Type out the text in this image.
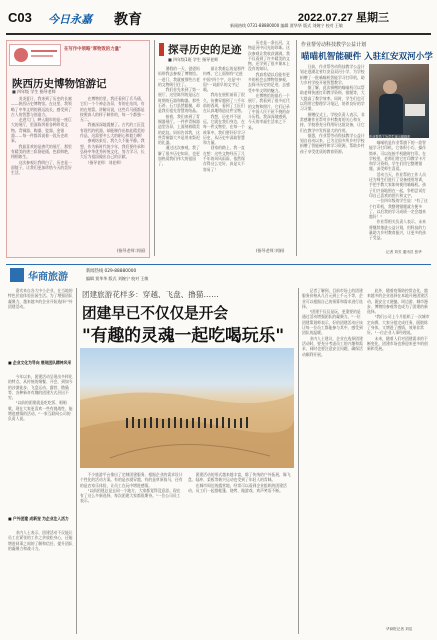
C03 今日永嘉 教育	2022.07.27 星期三
新闻热线 0731-88880000 编辑 贾华华 版式 刘婉宁 校对 王敏
在写作中领略"厚物致的力量"
陕西历史博物馆游记
■ 四年级 学生 指导老师
　　炎炎夏日，我来到了历史的长廊——陕西历史博物馆。在这里，我领略了中华文明的源远流长，感受到了古人的智慧与创造力。
　　走进大门，映入眼帘的是一座巨大的展厅，里面陈列着各种珍贵文物。青铜器、陶器、瓷器、金银器……每一件都诉说着一段历史故事。
　　我最喜欢的是唐代的展厅，那里有精美的唐三彩骆驼俑，色彩鲜艳，栩栩如生。
　　这次参观让我明白了，历史是一面镜子，让我们更加珍惜今天的美好生活。
　　在博物馆里，我还看到了兵马俑，它们一个个神态各异，有的在站岗，有的在射箭。讲解员说，这些兵马俑都是按照真人的样子制作的，每一个都独一无二。
　　我被深深地震撼了。古代的工匠没有现代的机器，却能制作出如此精美的作品，这需要多么大的耐心和毅力啊！
　　参观结束后，我久久不能平静。我想，作为新时代的少年，我们要传承和弘扬中华优秀传统文化，努力学习，长大后为祖国做出自己的贡献。
　　（指导老师：刘老师）
(指导老师:刘丽)
探寻历史的足迹
■ 四年级1班 学生 指导老师
　　暑假的一天，爸爸妈妈带我去参观了博物馆。一进门，我就被那些古老的文物吸引住了。
　　我们首先来到了第一展厅，这里陈列的是远古时期的石器和陶器。那些石斧、石刀虽然粗糙，却是我们祖先智慧的结晶。
　　接着，我们来到了青铜器展厅。一件件青铜器造型各异，上面刻着精美的花纹。妈妈告诉我，这些青铜器大多是用来祭祀的礼器。
　　通过这次参观，我了解了很多历史知识，也更加热爱我们伟大的祖国了。
　　最让我难忘的是那件何尊，它上面刻有"宅兹中国"四个字，这是"中国"一词最早的文字记载。
　　我站在展柜前看了很久，仿佛穿越到了三千年前的西周，看到了工匠们在认真地铸造这件宝物。
　　我想，历史并不遥远，它就在我们身边，在每一件文物里，在每一个故事中。我们要好好学习历史，从历史中汲取智慧和力量。
　　回家的路上，我一直在想：这些文物经历了几千年的风风雨雨，依然保存得这么完好，真是太不容易了！
　　历史是一条长河，文物是河中闪光的珍珠。这次参观让我收获满满。我不仅看到了许多精美的文物，还学到了很多课本上没有的知识。
　　我真希望以后能有更多的机会去博物馆参观，去探寻历史的足迹，去感受中华文明的魅力。
　　在博物馆的最后一个展厅，我看到了很多近代的文物和照片，它们记录了中国人民不屈不挠的奋斗历程。我深深地感到，今天的幸福生活来之不易。
(指导老师:刘娟)
作业帮劳动科技教学公益计划
喵喵机智能硬件 入驻红安双河小学
　　日前，作业帮劳动科技教学公益计划走进湖北省红安县双河小学，为学校捐赠了一批喵喵机智能学习打印机，助力乡村学校开展智慧教学。
　　据了解，此次捐赠的喵喵机可以帮助老师快速打印教学资料、错题等，大大提高了教学效率。同时，学生们也可以利用它整理学习笔记，培养良好的学习习惯。
　　捐赠仪式上，学校负责人表示，非常感谢作业帮对乡村教育的关心和支持，学校将充分利用好这批设备，让它们在教学中发挥最大的作用。
　　据悉，作业帮劳动科技教学公益计划自启动以来，已为全国多所乡村学校捐赠了智能硬件和学习资源，帮助乡村孩子享受优质的教育资源。
　　喵喵机是作业帮旗下的一款智能学习打印机，它体积小巧、操作简单，可以连接手机随时打印。在学校里，老师们用它打印教学卡片和学习资料，学生们用它整理错题，深受师生喜爱。
　　活动当天，作业帮的工作人员还为师生们进行了设备使用培训，手把手教大家如何使用喵喵机。孩子们兴奋地围在一起，争相尝试打印自己喜欢的图片和文字。
　　一位四年级的学生说："有了这个打印机，我整理错题就方便多了，以后我的学习成绩一定会越来越好！"
　　作业帮相关负责人表示，未来将继续推进公益计划，用科技的力量助力乡村教育振兴，让更多的孩子受益。
记者 刘芳 通讯员 张华
华商旅游
新闻热线 029-88880000
编辑 贾华华 版式 刘婉宁 校对 王敏
　　嘉宾来自各大中小企业，在当地的特色民宿体验田园生活。为了增强团队凝聚力，越来越多的企业开始选择户外团建活动。
■ 企业文化为导向 展现团队精神风采
　　今年以来，团建活动呈现出多样化的特点，从传统的聚餐、开会，到如今的沙漠徒步、飞盘运动、露营、撸猫等，各种新奇有趣的团建方式层出不穷。
　　"以前的团建就是吃吃饭、唱唱歌，现在大家更喜欢一些有挑战性、能增进感情的活动。"一家互联网公司的负责人说。
■ 户外团建 成新宠 为企业注入活力
　　业内人士表示，团建活动不仅能让员工在紧张的工作之余放松身心，还能增进同事之间的了解和信任，提升团队的凝聚力和战斗力。
团建旅游花样多：穿越、飞盘、撸猫……
团建早已不仅仅是开会
"有趣的灵魂一起吃喝玩乐"
　　不少旅游平台推出了定制团建服务，根据企业的需求设计个性化的活动方案。有的是沙漠穿越，有的是草原骑马，还有的是农家乐体验，让员工在玩中增进感情。
　　"以前团建总是去同一个地方，大家都觉得没意思。现在有了这么多新选择，每次团建大家都很期待。"一位公司员工表示。
　　团建活动的形式越来越丰富，除了传统的户外拓展，像飞盘、陆冲、桨板等新兴运动也受到了年轻人的青睐。
　　在城市周边的露营地，经常可以看到企业组织的团建活动，员工们一起搭帐篷、烧烤、做游戏，欢声笑语不断。
　　记者了解到，目前市场上的团建服务价格从几百元到上千元不等，企业可以根据自己的预算和需求进行选择。
　　"团建不仅仅是玩，更重要的是通过活动增强团队的凝聚力。"一位团建策划师表示，好的团建活动应该让每一位员工都能参与其中，感受到团队的温暖。
　　业内人士建议，企业在选择团建活动时，要充分考虑员工的兴趣和需求，同时也要注意安全问题，确保活动顺利开展。
　　此外，随着疫情防控常态化，越来越多的企业选择在本地开展团建活动，既安全又便捷。周边游、城市漫步、博物馆参观等也成为了团建的新选择。
　　"我们公司上个月组织了一次城市定向赛，大家分组完成任务，既锻炼了身体，又增进了感情，效果非常好。"一位企业人事经理说。
　　未来，随着人们对团建需求的不断变化，团建市场也将迎来更多的创新和发展。
华商报记者 刘辰
作业帮员工为学生演示喵喵机
